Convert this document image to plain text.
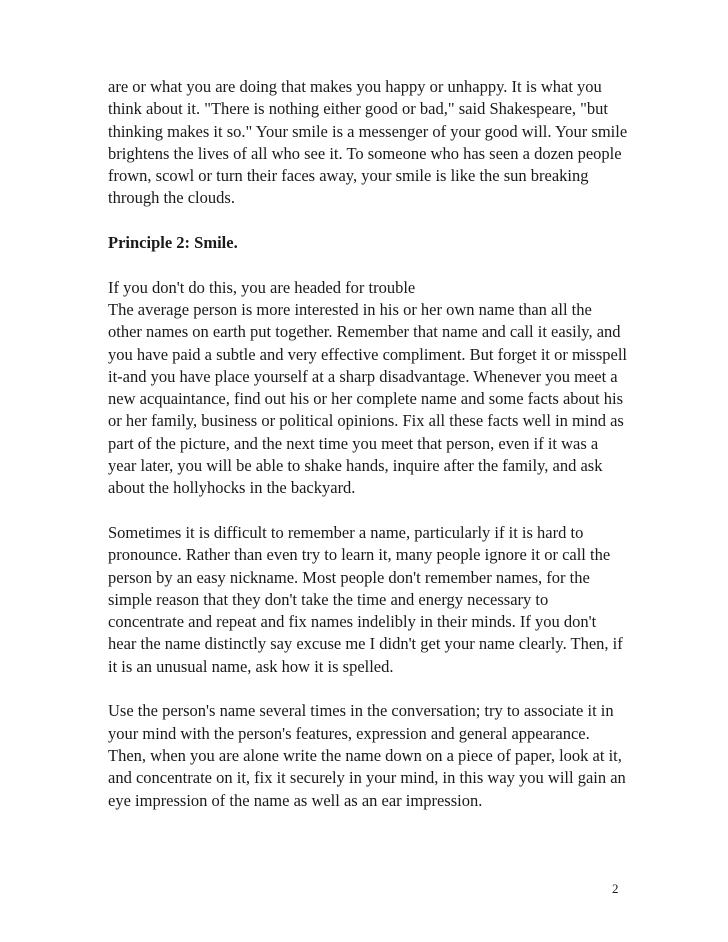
are or what you are doing that makes you happy or unhappy. It is what you think about it. "There is nothing either good or bad," said Shakespeare, "but thinking makes it so." Your smile is a messenger of your good will. Your smile brightens the lives of all who see it. To someone who has seen a dozen people frown, scowl or turn their faces away, your smile is like the sun breaking through the clouds.

Principle 2: Smile.

If you don't do this, you are headed for trouble

The average person is more interested in his or her own name than all the other names on earth put together. Remember that name and call it easily, and you have paid a subtle and very effective compliment. But forget it or misspell it-and you have place yourself at a sharp disadvantage. Whenever you meet a new acquaintance, find out his or her complete name and some facts about his or her family, business or political opinions. Fix all these facts well in mind as part of the picture, and the next time you meet that person, even if it was a year later, you will be able to shake hands, inquire after the family, and ask about the hollyhocks in the backyard.

Sometimes it is difficult to remember a name, particularly if it is hard to pronounce. Rather than even try to learn it, many people ignore it or call the person by an easy nickname. Most people don't remember names, for the simple reason that they don't take the time and energy necessary to concentrate and repeat and fix names indelibly in their minds. If you don't hear the name distinctly say excuse me I didn't get your name clearly. Then, if it is an unusual name, ask how it is spelled.

Use the person's name several times in the conversation; try to associate it in your mind with the person's features, expression and general appearance. Then, when you are alone write the name down on a piece of paper, look at it, and concentrate on it, fix it securely in your mind, in this way you will gain an eye impression of the name as well as an ear impression.

2
